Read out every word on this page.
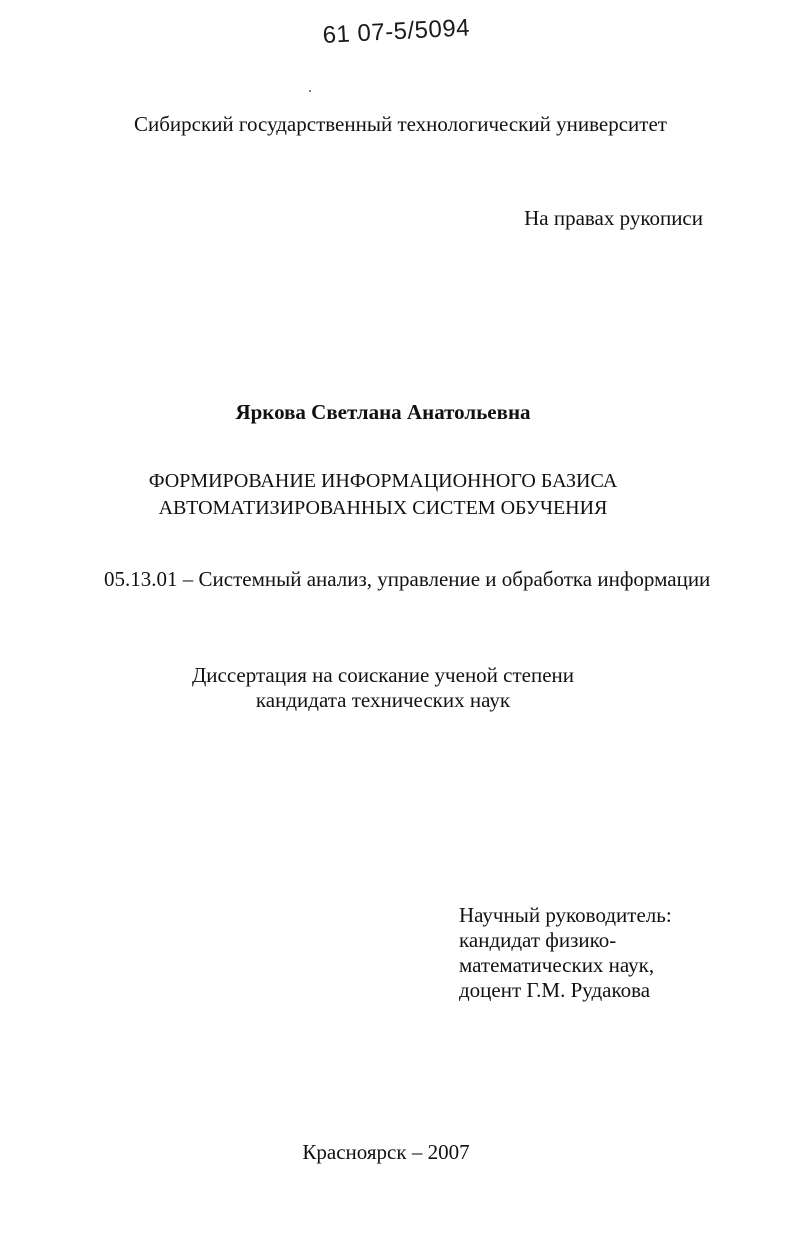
61 07-5/5094
Сибирский государственный технологический университет
На правах рукописи
Яркова Светлана Анатольевна
ФОРМИРОВАНИЕ ИНФОРМАЦИОННОГО БАЗИСА
АВТОМАТИЗИРОВАННЫХ СИСТЕМ ОБУЧЕНИЯ
05.13.01 – Системный анализ, управление и обработка информации
Диссертация на соискание ученой степени
кандидата технических наук
Научный руководитель:
кандидат физико-
математических наук,
доцент Г.М. Рудакова
Красноярск – 2007
